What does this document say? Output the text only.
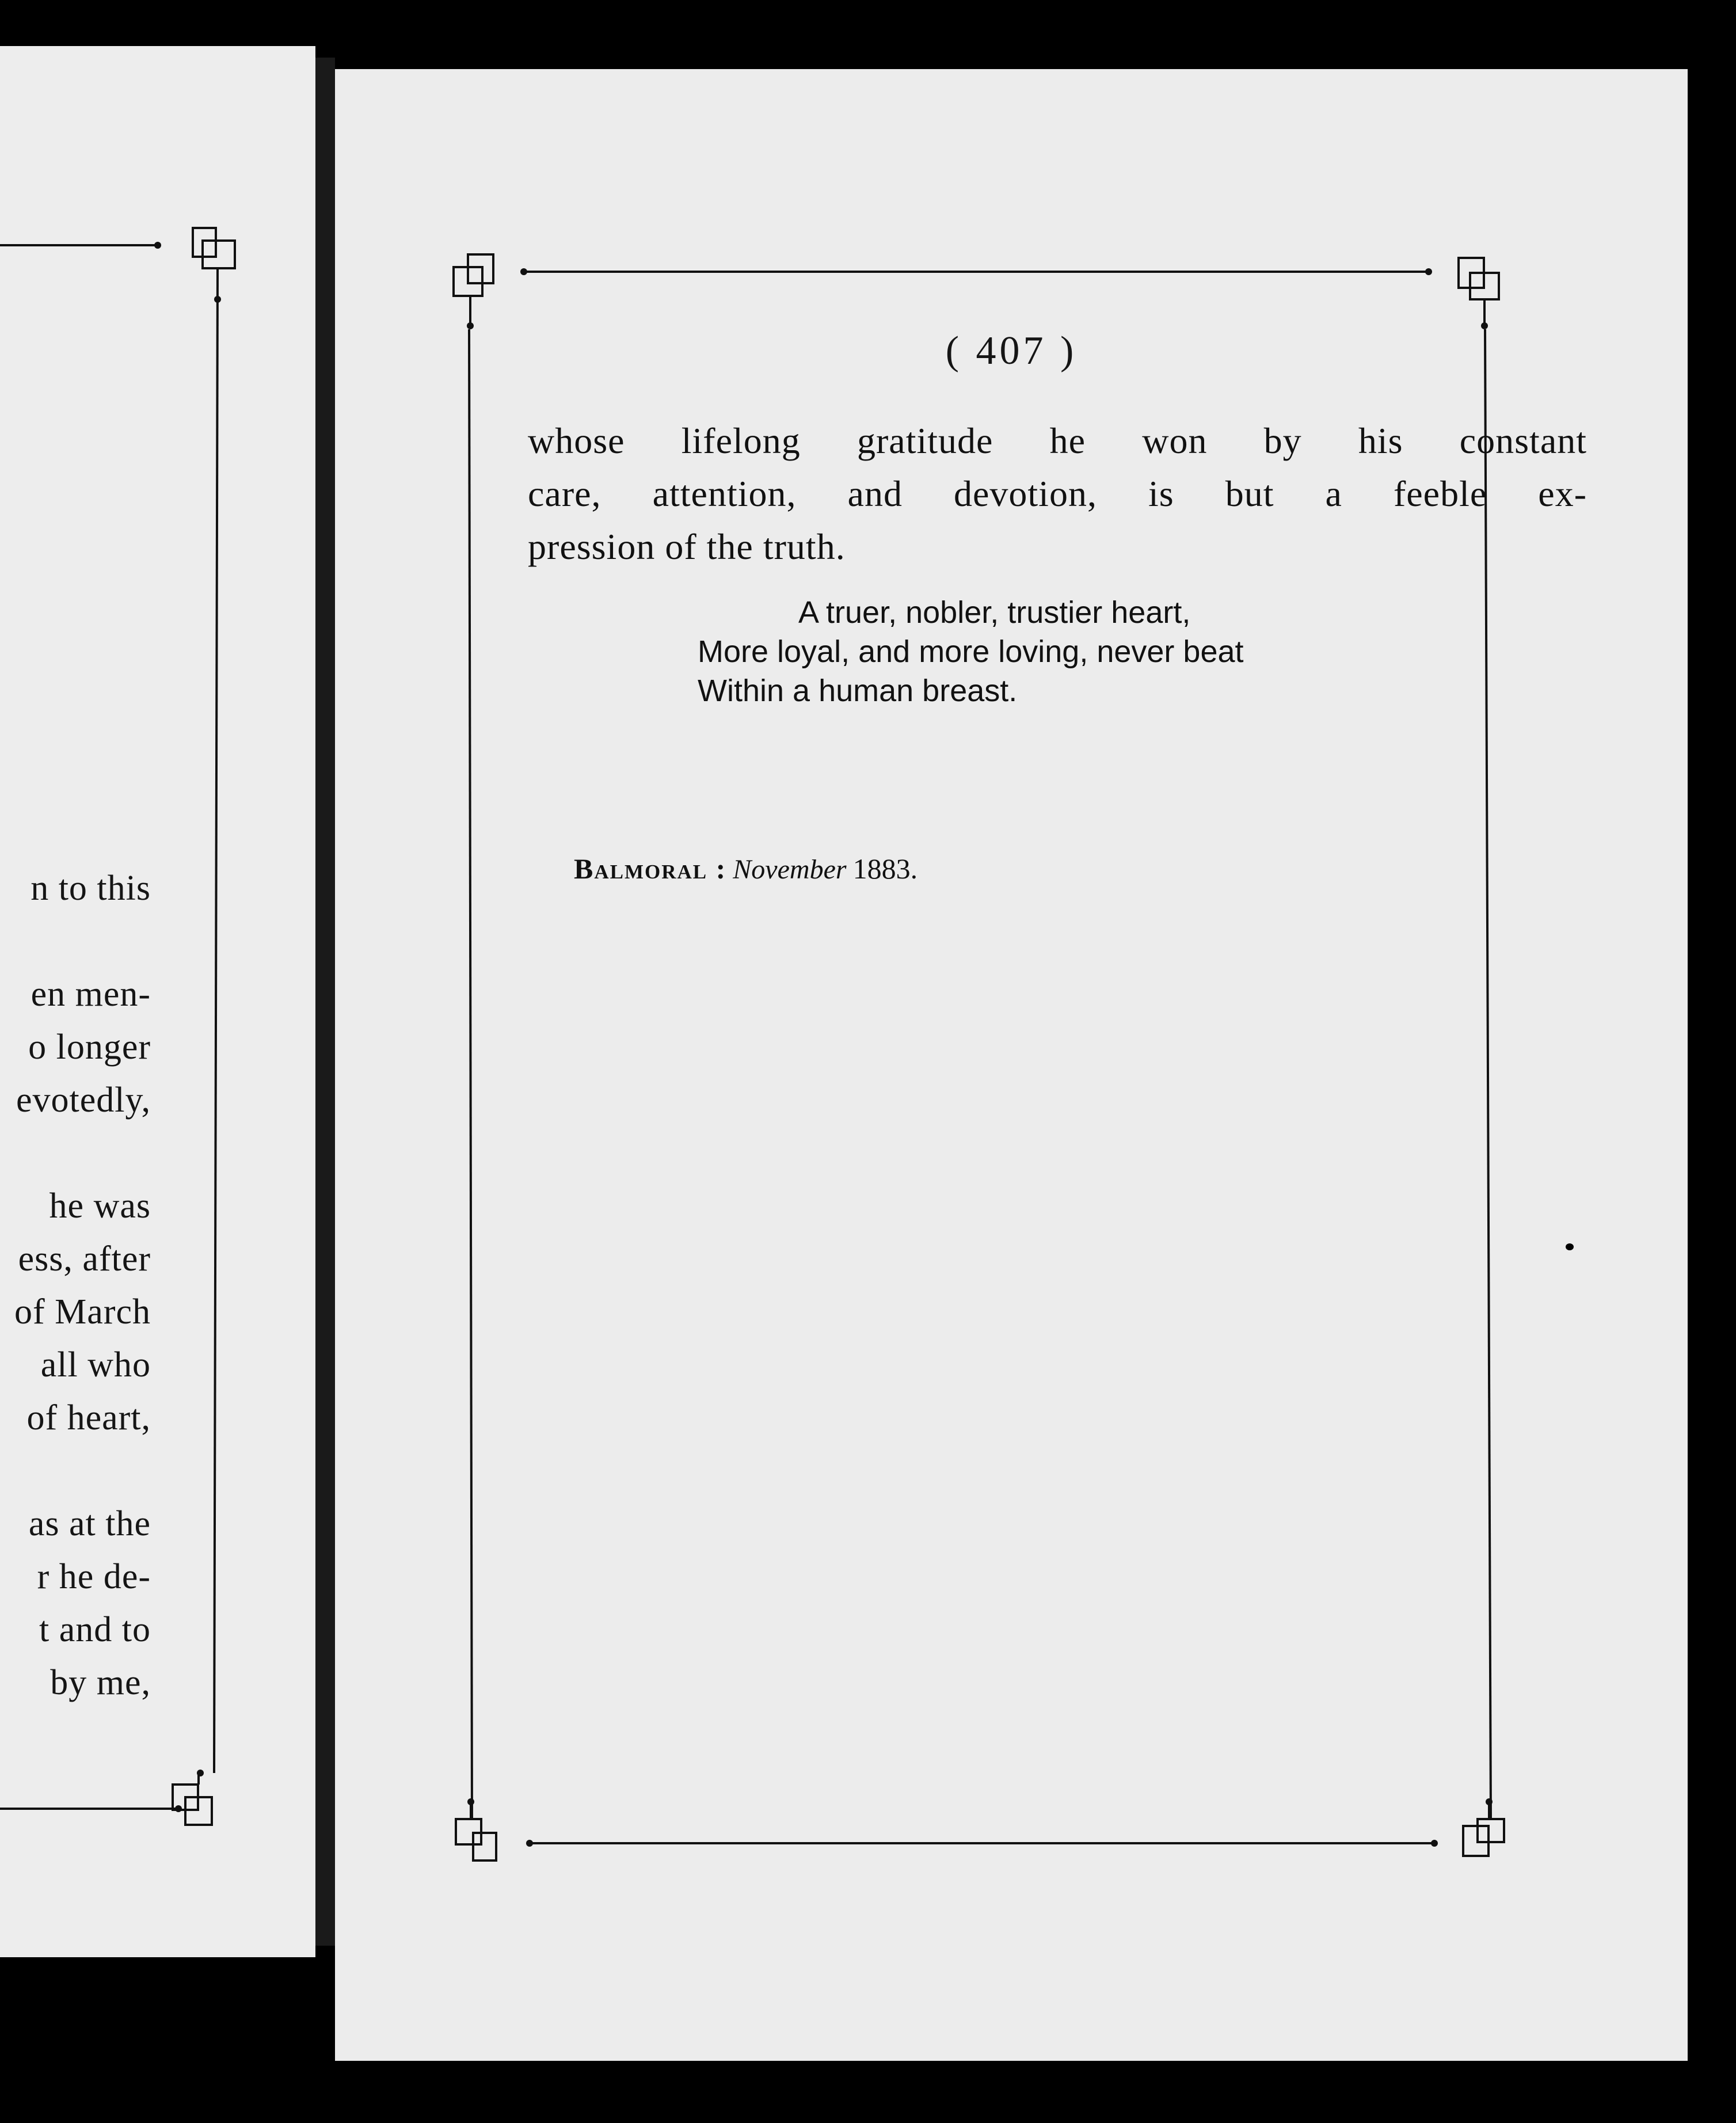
n to this
en men-
o longer
evotedly,
he was
ess, after
of March
all who
of heart,
as at the
r he de-
t and to
by me,
( 407 )
whose lifelong gratitude he won by his constant
care, attention, and devotion, is but a feeble ex-
pression of the truth.
A truer, nobler, trustier heart,
More loyal, and more loving, never beat
Within a human breast.
Balmoral : November 1883.
